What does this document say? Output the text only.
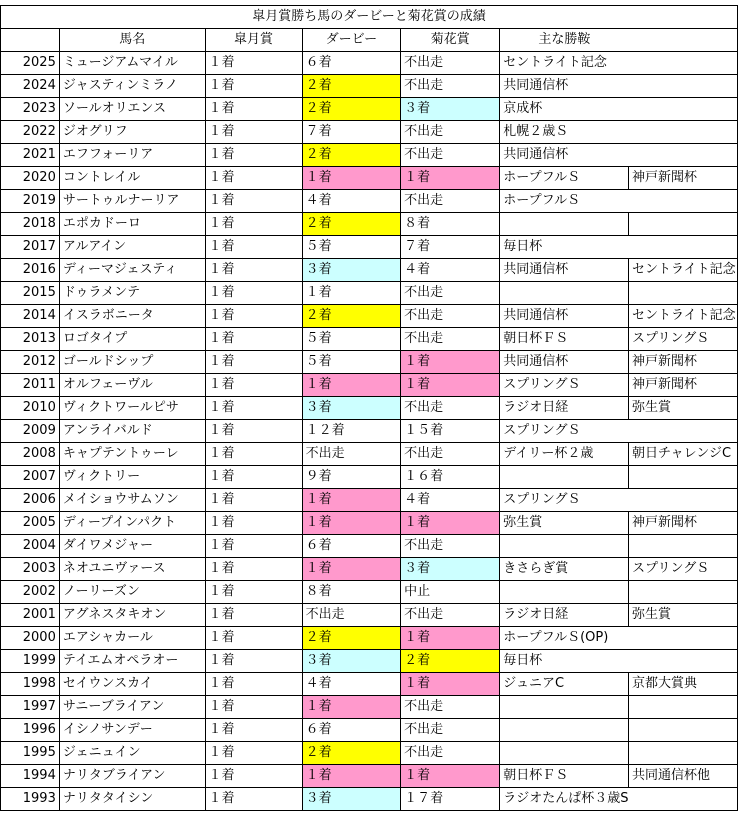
皐月賞勝ち馬のダービーと菊花賞の成績						
	馬名	皐月賞	ダービー	菊花賞	主な勝鞍	
2025	ミュージアムマイル	１着	６着	不出走	セントライト記念	
2024	ジャスティンミラノ	１着	２着	不出走	共同通信杯	
2023	ソールオリエンス	１着	２着	３着	京成杯	
2022	ジオグリフ	１着	７着	不出走	札幌２歳Ｓ	
2021	エフフォーリア	１着	２着	不出走	共同通信杯	
2020	コントレイル	１着	１着	１着	ホープフルＳ	神戸新聞杯
2019	サートゥルナーリア	１着	４着	不出走	ホープフルＳ	
2018	エポカドーロ	１着	２着	８着		
2017	アルアイン	１着	５着	７着	毎日杯	
2016	ディーマジェスティ	１着	３着	４着	共同通信杯	セントライト記念
2015	ドゥラメンテ	１着	１着	不出走		
2014	イスラボニータ	１着	２着	不出走	共同通信杯	セントライト記念
2013	ロゴタイプ	１着	５着	不出走	朝日杯ＦＳ	スプリングＳ
2012	ゴールドシップ	１着	５着	１着	共同通信杯	神戸新聞杯
2011	オルフェーヴル	１着	１着	１着	スプリングＳ	神戸新聞杯
2010	ヴィクトワールピサ	１着	３着	不出走	ラジオ日経	弥生賞
2009	アンライバルド	１着	１２着	１５着	スプリングＳ	
2008	キャプテントゥーレ	１着	不出走	不出走	デイリー杯２歳	朝日チャレンジC
2007	ヴィクトリー	１着	９着	１６着		
2006	メイショウサムソン	１着	１着	４着	スプリングＳ	
2005	ディープインパクト	１着	１着	１着	弥生賞	神戸新聞杯
2004	ダイワメジャー	１着	６着	不出走		
2003	ネオユニヴァース	１着	１着	３着	きさらぎ賞	スプリングＳ
2002	ノーリーズン	１着	８着	中止		
2001	アグネスタキオン	１着	不出走	不出走	ラジオ日経	弥生賞
2000	エアシャカール	１着	２着	１着	ホープフルＳ(OP)	
1999	テイエムオペラオー	１着	３着	２着	毎日杯	
1998	セイウンスカイ	１着	４着	１着	ジュニアC	京都大賞典
1997	サニーブライアン	１着	１着	不出走		
1996	イシノサンデー	１着	６着	不出走		
1995	ジェニュイン	１着	２着	不出走		
1994	ナリタブライアン	１着	１着	１着	朝日杯ＦＳ	共同通信杯他
1993	ナリタタイシン	１着	３着	１７着	ラジオたんぱ杯３歳S	
